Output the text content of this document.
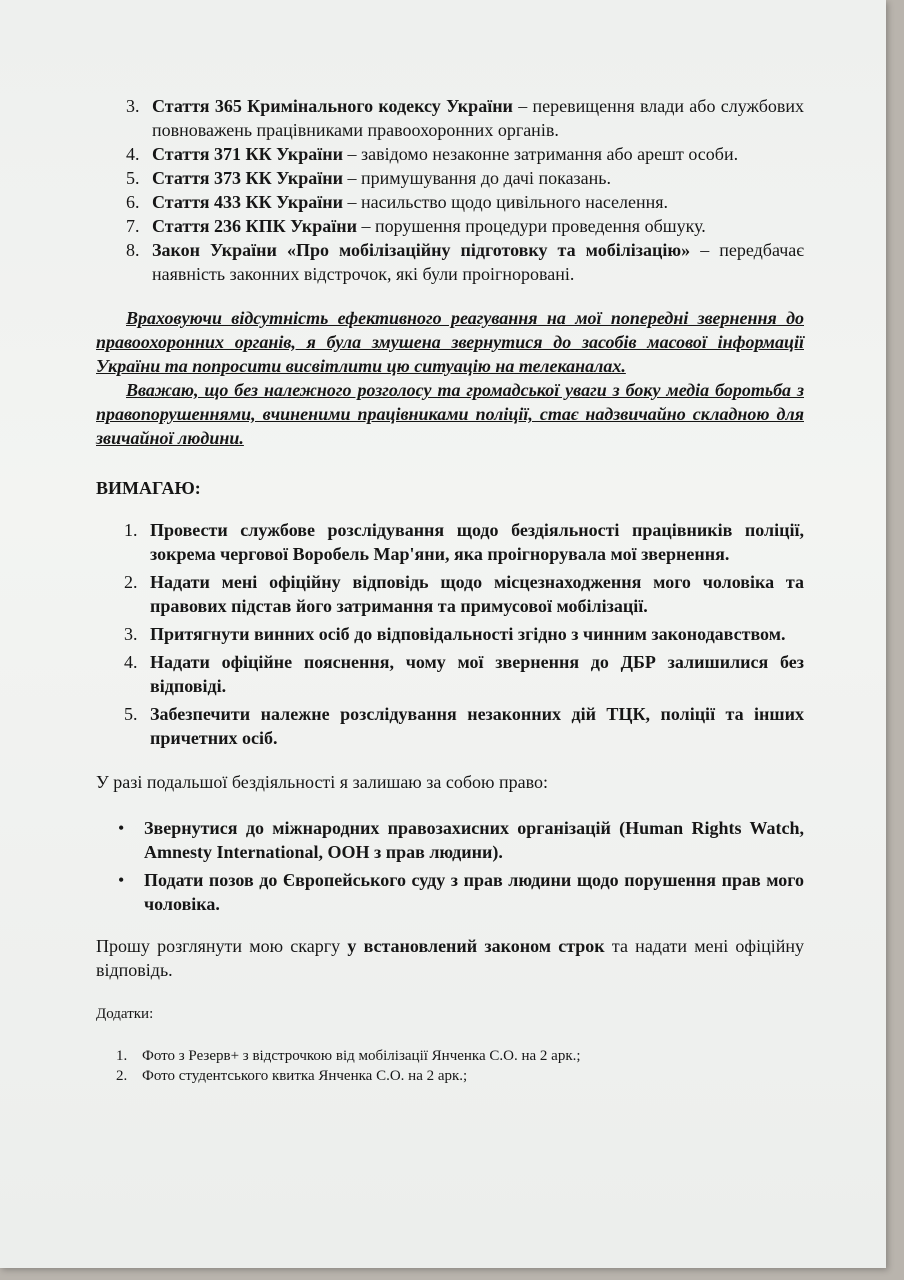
3. Стаття 365 Кримінального кодексу України – перевищення влади або службових повноважень працівниками правоохоронних органів.
4. Стаття 371 КК України – завідомо незаконне затримання або арешт особи.
5. Стаття 373 КК України – примушування до дачі показань.
6. Стаття 433 КК України – насильство щодо цивільного населення.
7. Стаття 236 КПК України – порушення процедури проведення обшуку.
8. Закон України «Про мобілізаційну підготовку та мобілізацію» – передбачає наявність законних відстрочок, які були проігноровані.

Враховуючи відсутність ефективного реагування на мої попередні звернення до правоохоронних органів, я була змушена звернутися до засобів масової інформації України та попросити висвітлити цю ситуацію на телеканалах.

Вважаю, що без належного розголосу та громадської уваги з боку медіа боротьба з правопорушеннями, вчиненими працівниками поліції, стає надзвичайно складною для звичайної людини.

ВИМАГАЮ:

1. Провести службове розслідування щодо бездіяльності працівників поліції, зокрема чергової Воробель Мар'яни, яка проігнорувала мої звернення.
2. Надати мені офіційну відповідь щодо місцезнаходження мого чоловіка та правових підстав його затримання та примусової мобілізації.
3. Притягнути винних осіб до відповідальності згідно з чинним законодавством.
4. Надати офіційне пояснення, чому мої звернення до ДБР залишилися без відповіді.
5. Забезпечити належне розслідування незаконних дій ТЦК, поліції та інших причетних осіб.

У разі подальшої бездіяльності я залишаю за собою право:

• Звернутися до міжнародних правозахисних організацій (Human Rights Watch, Amnesty International, ООН з прав людини).
• Подати позов до Європейського суду з прав людини щодо порушення прав мого чоловіка.

Прошу розглянути мою скаргу у встановлений законом строк та надати мені офіційну відповідь.

Додатки:

1. Фото з Резерв+ з відстрочкою від мобілізації Янченка С.О. на 2 арк.;
2. Фото студентського квитка Янченка С.О. на 2 арк.;
